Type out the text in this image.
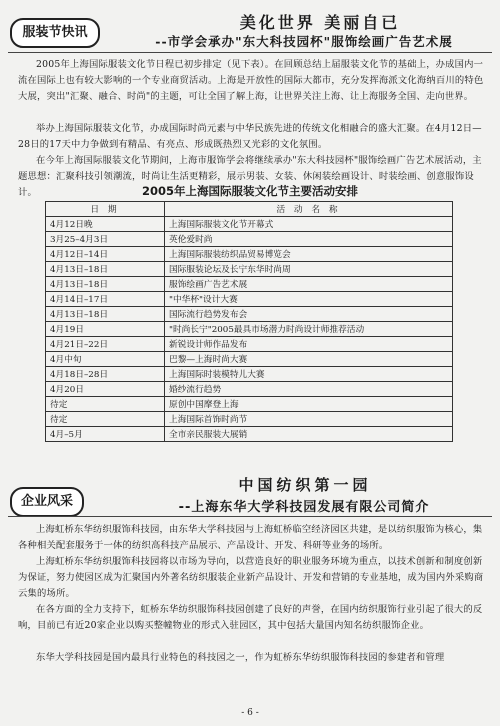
服装节快讯
美化世界 美丽自已
--市学会承办"东大科技园杯"服饰绘画广告艺术展
2005年上海国际服装文化节日程已初步排定（见下表）。在回顾总结上届服装文化节的基础上，办成国内一流在国际上也有较大影响的一个专业商贸活动。上海是开放性的国际大都市，充分发挥海派文化海纳百川的特色大展，突出"汇聚、融合、时尚"的主题，可让全国了解上海，让世界关注上海、让上海服务全国、走向世界。
举办上海国际服装文化节，办成国际时尚元素与中华民族先进的传统文化相融合的盛大汇聚。在4月12日—28日的17天中力争做到有精品、有亮点、形成既热烈又光彩的文化氛围。
在今年上海国际服装文化节期间，上海市服饰学会将继续承办"东大科技园杯"服饰绘画广告艺术展活动，主题思想：汇聚科技引领潮流，时尚让生活更精彩，展示男装、女装、休闲装绘画设计、时装绘画、创意服饰设计。	2005年上海国际服装文化节主要活动安排
日 期	活 动 名 称
4月12日晚	上海国际服装文化节开幕式
3月25–4月3日	英伦爱时尚
4月12日–14日	上海国际服装纺织品贸易博览会
4月13日–18日	国际服装论坛及长宁东华时尚周
4月13日–18日	服饰绘画广告艺术展
4月14日–17日	"中华杯"设计大赛
4月13日–18日	国际流行趋势发布会
4月19日	"时尚长宁"2005最具市场潜力时尚设计师推荐活动
4月21日–22日	新锐设计师作品发布
4月中旬	巴黎—上海时尚大赛
4月18日–28日	上海国际时装模特儿大赛
4月20日	婚纱流行趋势
待定	原创中国摩登上海
待定	上海国际首饰时尚节
4月–5月	全市亲民服装大展销
企业风采
中国纺织第一园
--上海东华大学科技园发展有限公司简介
上海虹桥东华纺织服饰科技园，由东华大学科技园与上海虹桥临空经济园区共建，是以纺织服饰为核心，集各种相关配套服务于一体的纺织高科技产品展示、产品设计、开发、科研等业务的场所。
上海虹桥东华纺织服饰科技园将以市场为导向，以营造良好的职业服务环境为重点，以技术创新和制度创新为保证，努力使园区成为汇聚国内外著名纺织服装企业新产品设计、开发和营销的专业基地，成为国内外采购商云集的场所。
在各方面的全力支持下，虹桥东华纺织服饰科技园创建了良好的声誉，在国内纺织服饰行业引起了很大的反响，目前已有近20家企业以购买整幢物业的形式入驻园区，其中包括大量国内知名纺织服饰企业。
东华大学科技园是国内最具行业特色的科技园之一，作为虹桥东华纺织服饰科技园的参建者和管理
- 6 -
